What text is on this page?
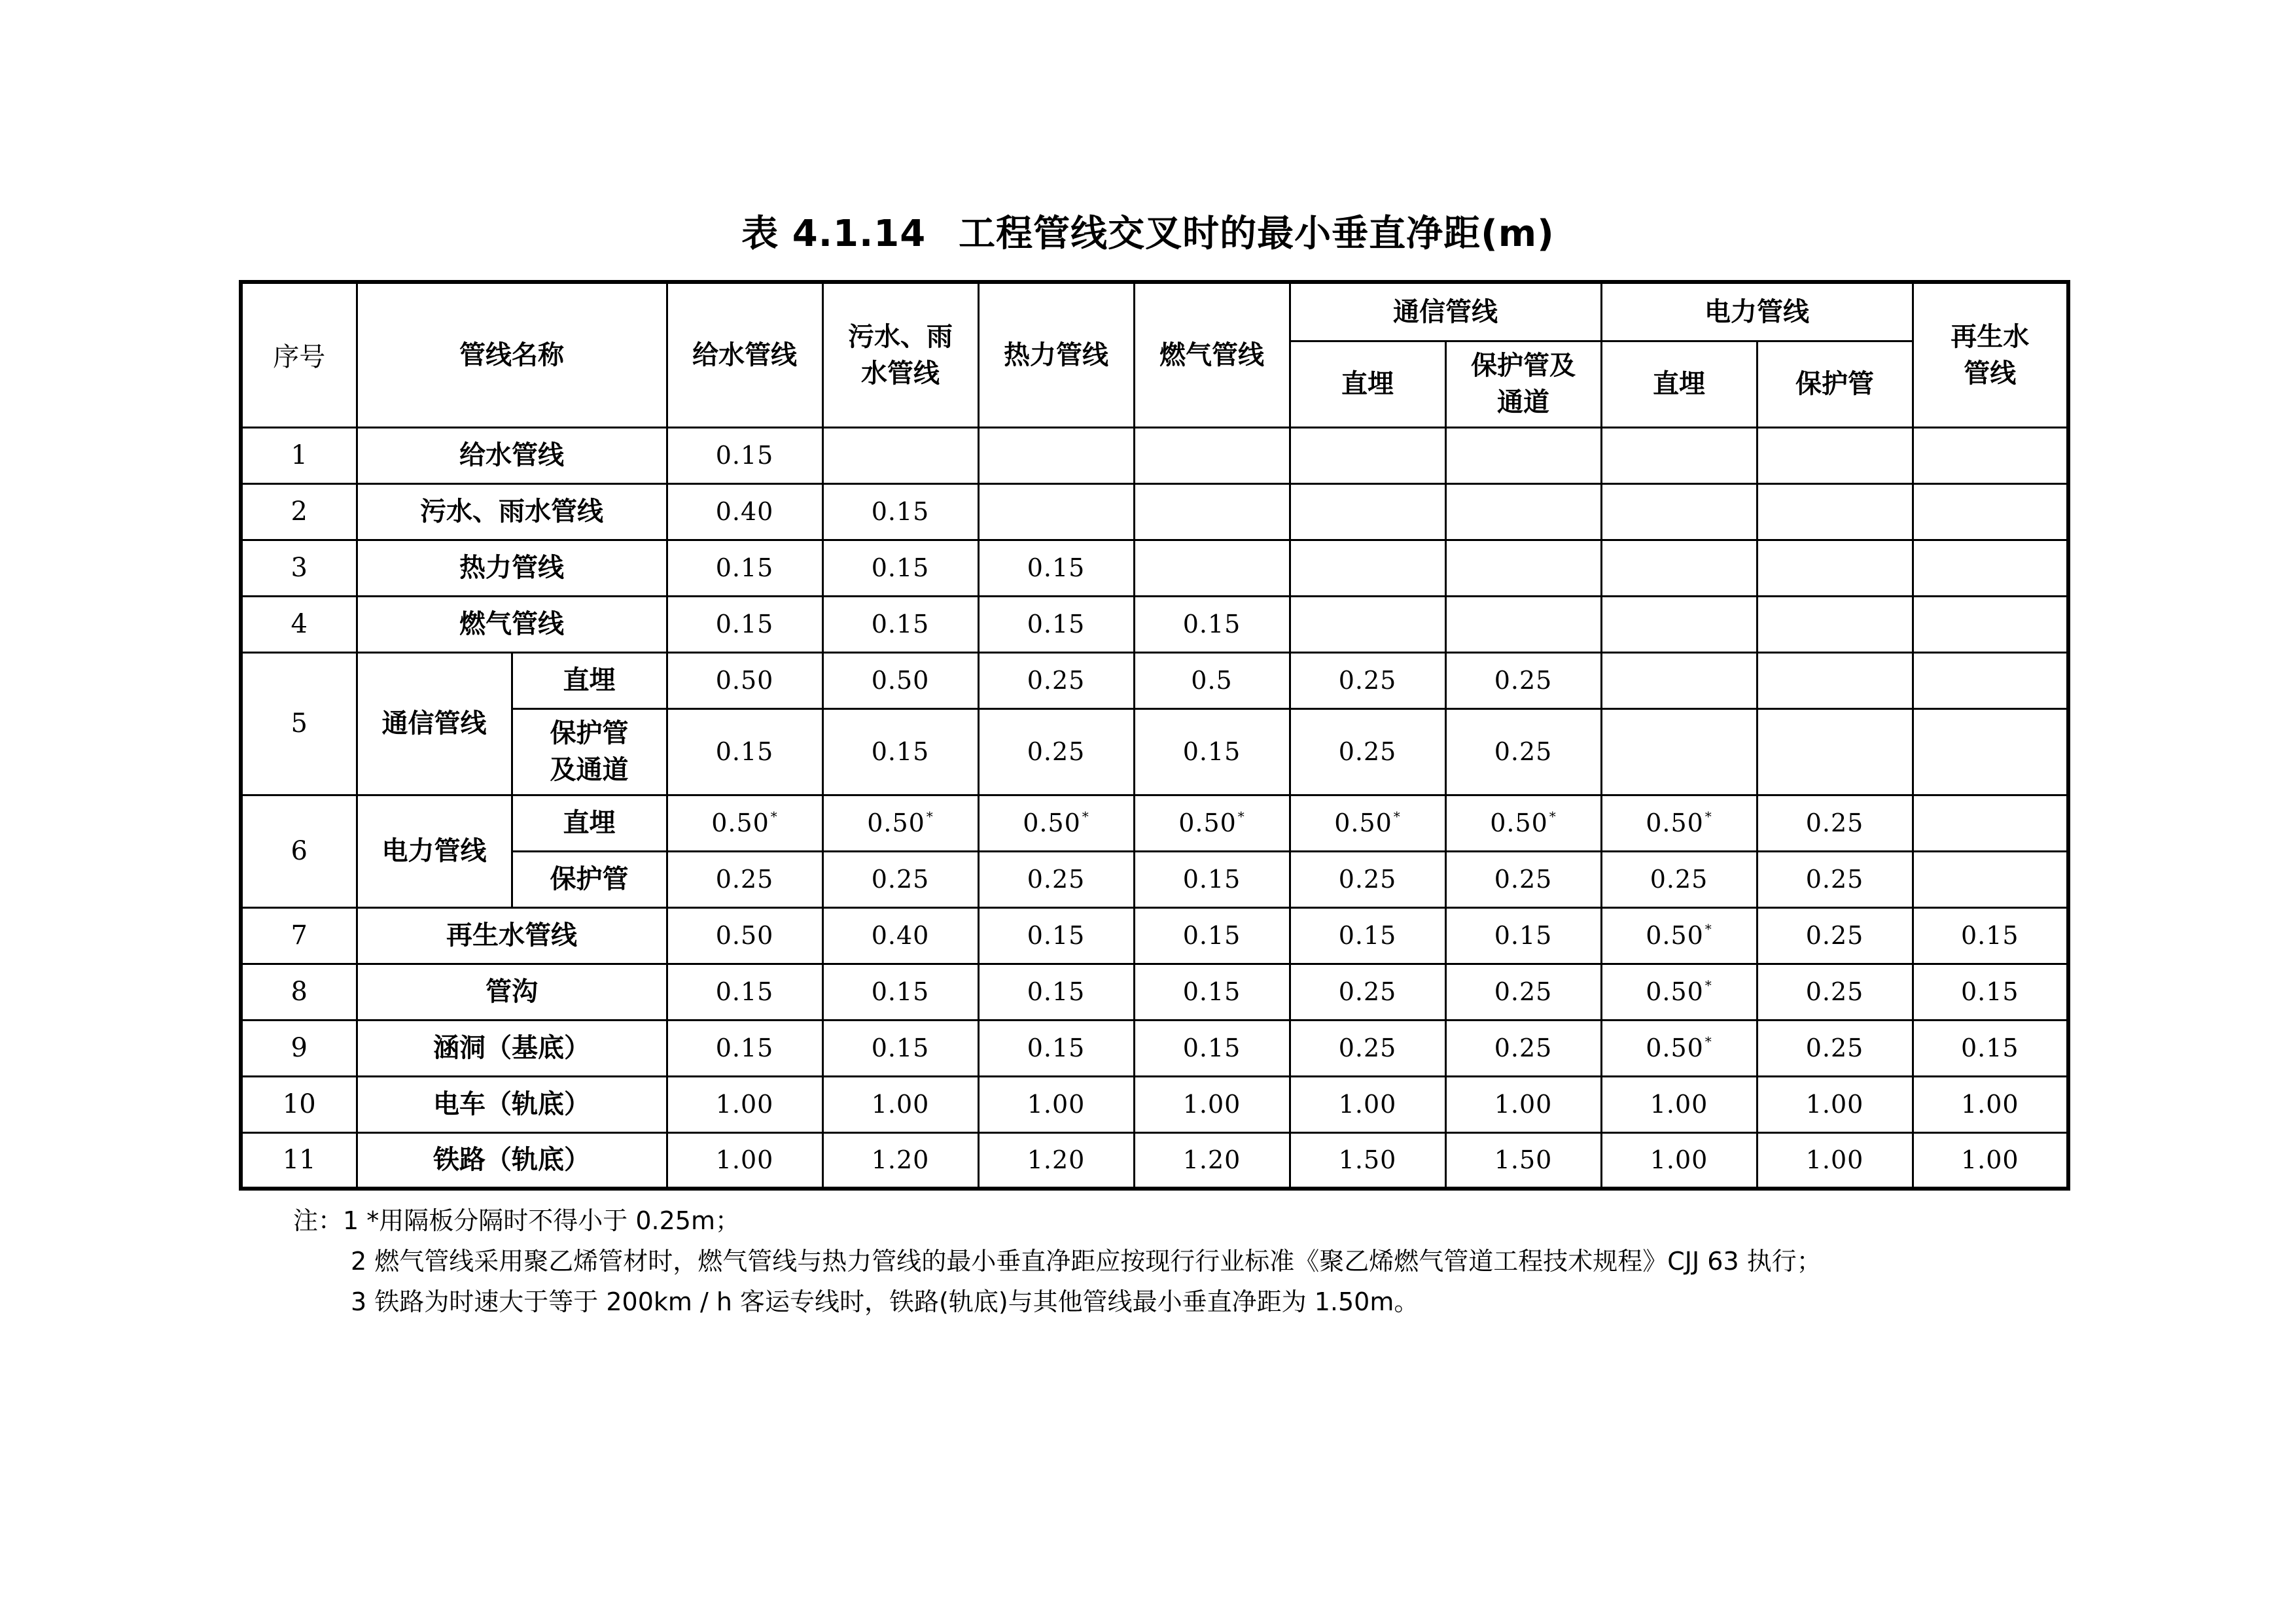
表 4.1.14 工程管线交叉时的最小垂直净距(m)
序号	管线名称		给水管线	污水、雨水管线	热力管线	燃气管线	通信管线		电力管线		再生水管线

							直埋	保护管及通道	直埋	保护管	
1	给水管线		0.15								
2	污水、雨水管线		0.40	0.15							
3	热力管线		0.15	0.15	0.15						
4	燃气管线		0.15	0.15	0.15	0.15					
5	通信管线	直埋	0.50	0.50	0.25	0.5	0.25	0.25			

		保护管及通道	0.15	0.15	0.25	0.15	0.25	0.25			
6	电力管线	直埋	0.50 *	0.50 *	0.50 *	0.50 *	0.50 *	0.50 *	0.50 *	0.25	

		保护管	0.25	0.25	0.25	0.15	0.25	0.25	0.25	0.25	
7	再生水管线		0.50	0.40	0.15	0.15	0.15	0.15	0.50 *	0.25	0.15
8	管沟		0.15	0.15	0.15	0.15	0.25	0.25	0.50 *	0.25	0.15
9	涵洞（基底）		0.15	0.15	0.15	0.15	0.25	0.25	0.50 *	0.25	0.15
10	电车（轨底）		1.00	1.00	1.00	1.00	1.00	1.00	1.00	1.00	1.00
11	铁路（轨底）		1.00	1.20	1.20	1.20	1.50	1.50	1.00	1.00	1.00
注：1 *用隔板分隔时不得小于 0.25m；
2 燃气管线采用聚乙烯管材时，燃气管线与热力管线的最小垂直净距应按现行行业标准《聚乙烯燃气管道工程技术规程》CJJ 63 执行；
3 铁路为时速大于等于 200km / h 客运专线时，铁路(轨底)与其他管线最小垂直净距为 1.50m。
